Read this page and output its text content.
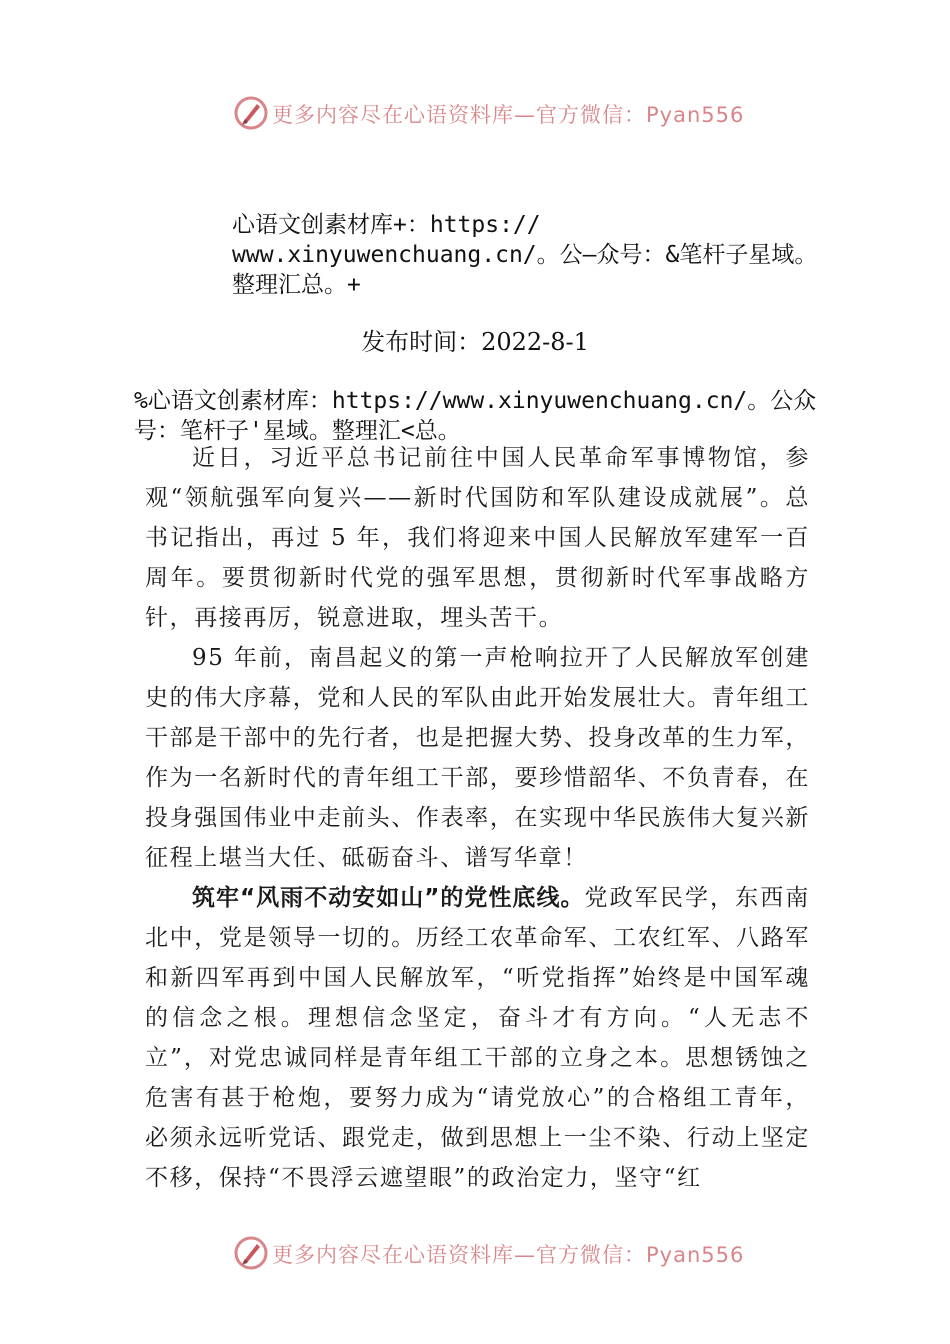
更多内容尽在心语资料库—官方微信：Pyan556
心语文创素材库+：https://
www.xinyuwenchuang.cn/。公—众号：&笔杆子星域。
整理汇总。+
发布时间：2022-8-1
%心语文创素材库：https://www.xinyuwenchuang.cn/。公众
号：笔杆子'星域。整理汇<总。

近日，习近平总书记前往中国人民革命军事博物馆，参观“领航强军向复兴——新时代国防和军队建设成就展”。总书记指出，再过 5 年，我们将迎来中国人民解放军建军一百周年。要贯彻新时代党的强军思想，贯彻新时代军事战略方针，再接再厉，锐意进取，埋头苦干。

95 年前，南昌起义的第一声枪响拉开了人民解放军创建史的伟大序幕，党和人民的军队由此开始发展壮大。青年组工干部是干部中的先行者，也是把握大势、投身改革的生力军，作为一名新时代的青年组工干部，要珍惜韶华、不负青春，在投身强国伟业中走前头、作表率，在实现中华民族伟大复兴新征程上堪当大任、砥砺奋斗、谱写华章！

筑牢“风雨不动安如山”的党性底线。党政军民学，东西南北中，党是领导一切的。历经工农革命军、工农红军、八路军和新四军再到中国人民解放军，“听党指挥”始终是中国军魂的信念之根。理想信念坚定，奋斗才有方向。“人无志不立”，对党忠诚同样是青年组工干部的立身之本。思想锈蚀之危害有甚于枪炮，要努力成为“请党放心”的合格组工青年，必须永远听党话、跟党走，做到思想上一尘不染、行动上坚定不移，保持“不畏浮云遮望眼”的政治定力，坚守“红

更多内容尽在心语资料库—官方微信：Pyan556
